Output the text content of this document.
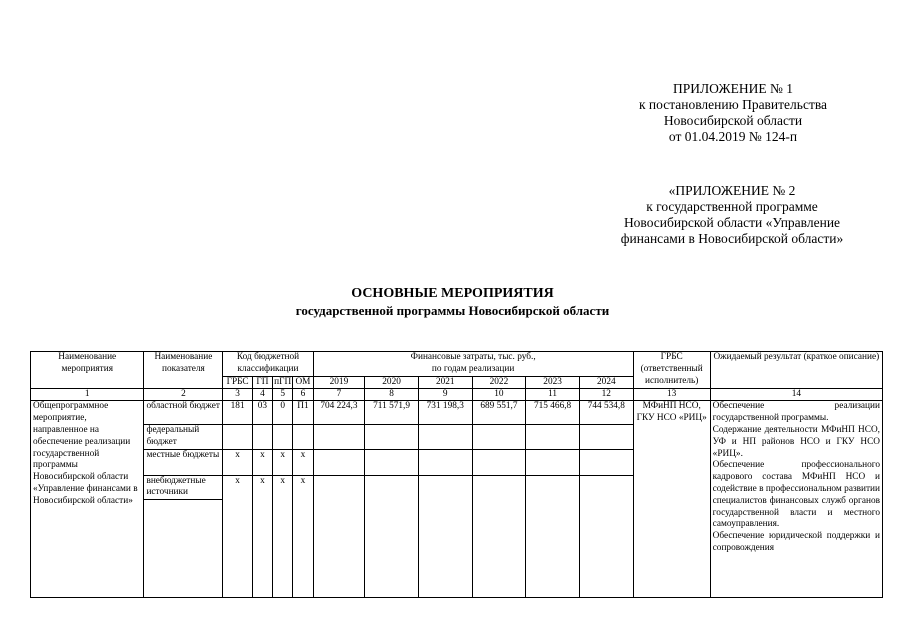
ПРИЛОЖЕНИЕ № 1
к постановлению Правительства
Новосибирской области
от 01.04.2019 № 124-п
«ПРИЛОЖЕНИЕ № 2
к государственной программе
Новосибирской области «Управление
финансами в Новосибирской области»
ОСНОВНЫЕ МЕРОПРИЯТИЯ
государственной программы Новосибирской области
Наименование мероприятия	Наименование показателя	Код бюджетной классификации				Финансовые затраты, тыс. руб.,
по годам реализации						ГРБС (ответственный исполнитель)	Ожидаемый результат (краткое описание)
		ГРБС	ГП	пГП	ОМ	2019	2020	2021	2022	2023	2024		
1	2	3	4	5	6	7	8	9	10	11	12	13	14
Общепрограммное мероприятие, направленное на обеспечение реализации государственной программы Новосибирской области «Управление финансами в Новосибирской области»	областной бюджет	181	03	0	П1	704 224,3	711 571,9	731 198,3	689 551,7	715 466,8	744 534,8	МФиНП НСО, ГКУ НСО «РИЦ»	Обеспечение реализации государственной программы.

Содержание деятельности МФиНП НСО, УФ и НП районов НСО и ГКУ НСО «РИЦ».

Обеспечение профессионального кадрового состава МФиНП НСО и содействие в профессиональном развитии специалистов финансовых служб органов государственной власти и местного самоуправления.

Обеспечение юридической поддержки и сопровождения

	федеральный бюджет												
	местные бюджеты	х	х	х	х								
	внебюджетные источники	х	х	х	х								
